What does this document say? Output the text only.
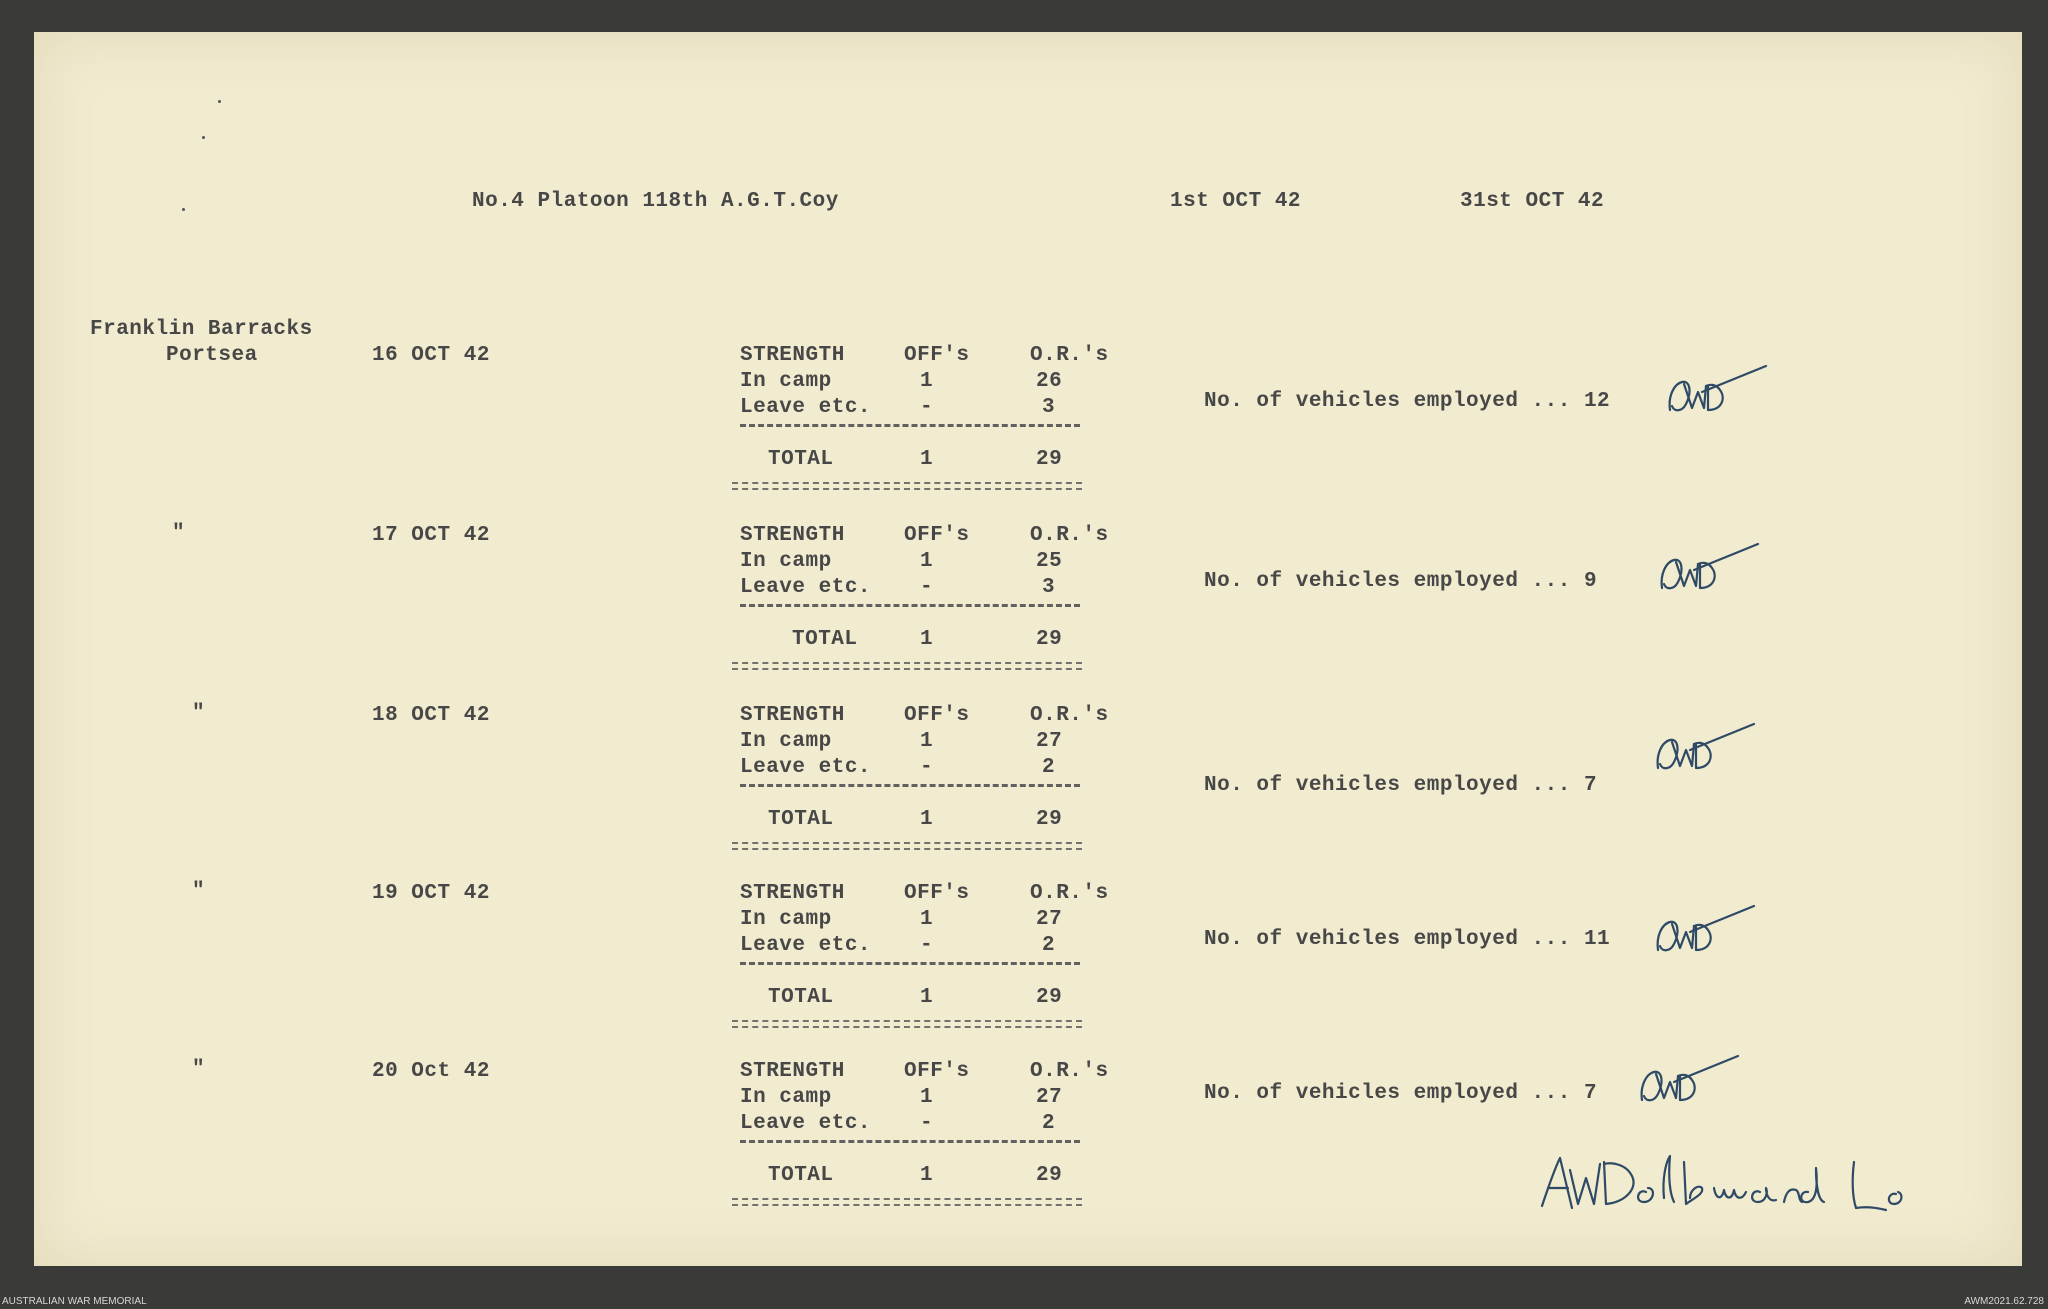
No.4 Platoon 118th A.G.T.Coy	1st OCT 42	31st OCT 42
Franklin Barracks
Portsea	16 OCT 42	STRENGTH	OFF's	O.R.'s
In camp	1	26
Leave etc. -	3
TOTAL	1	29
No. of vehicles employed ... 12
"	17 OCT 42	STRENGTH	OFF's	O.R.'s
In camp	1	25
Leave etc. -	3
TOTAL	1	29
No. of vehicles employed ... 9
"	18 OCT 42	STRENGTH	OFF's	O.R.'s
In camp	1	27
Leave etc. -	2
TOTAL	1	29
No. of vehicles employed ... 7
"	19 OCT 42	STRENGTH	OFF's	O.R.'s
In camp	1	27
Leave etc. -	2
TOTAL	1	29
No. of vehicles employed ... 11
"	20 Oct 42	STRENGTH	OFF's	O.R.'s
In camp	1	27
Leave etc. -	2
TOTAL	1	29
No. of vehicles employed ... 7
AUSTRALIAN WAR MEMORIAL	AWM2021.62.728
